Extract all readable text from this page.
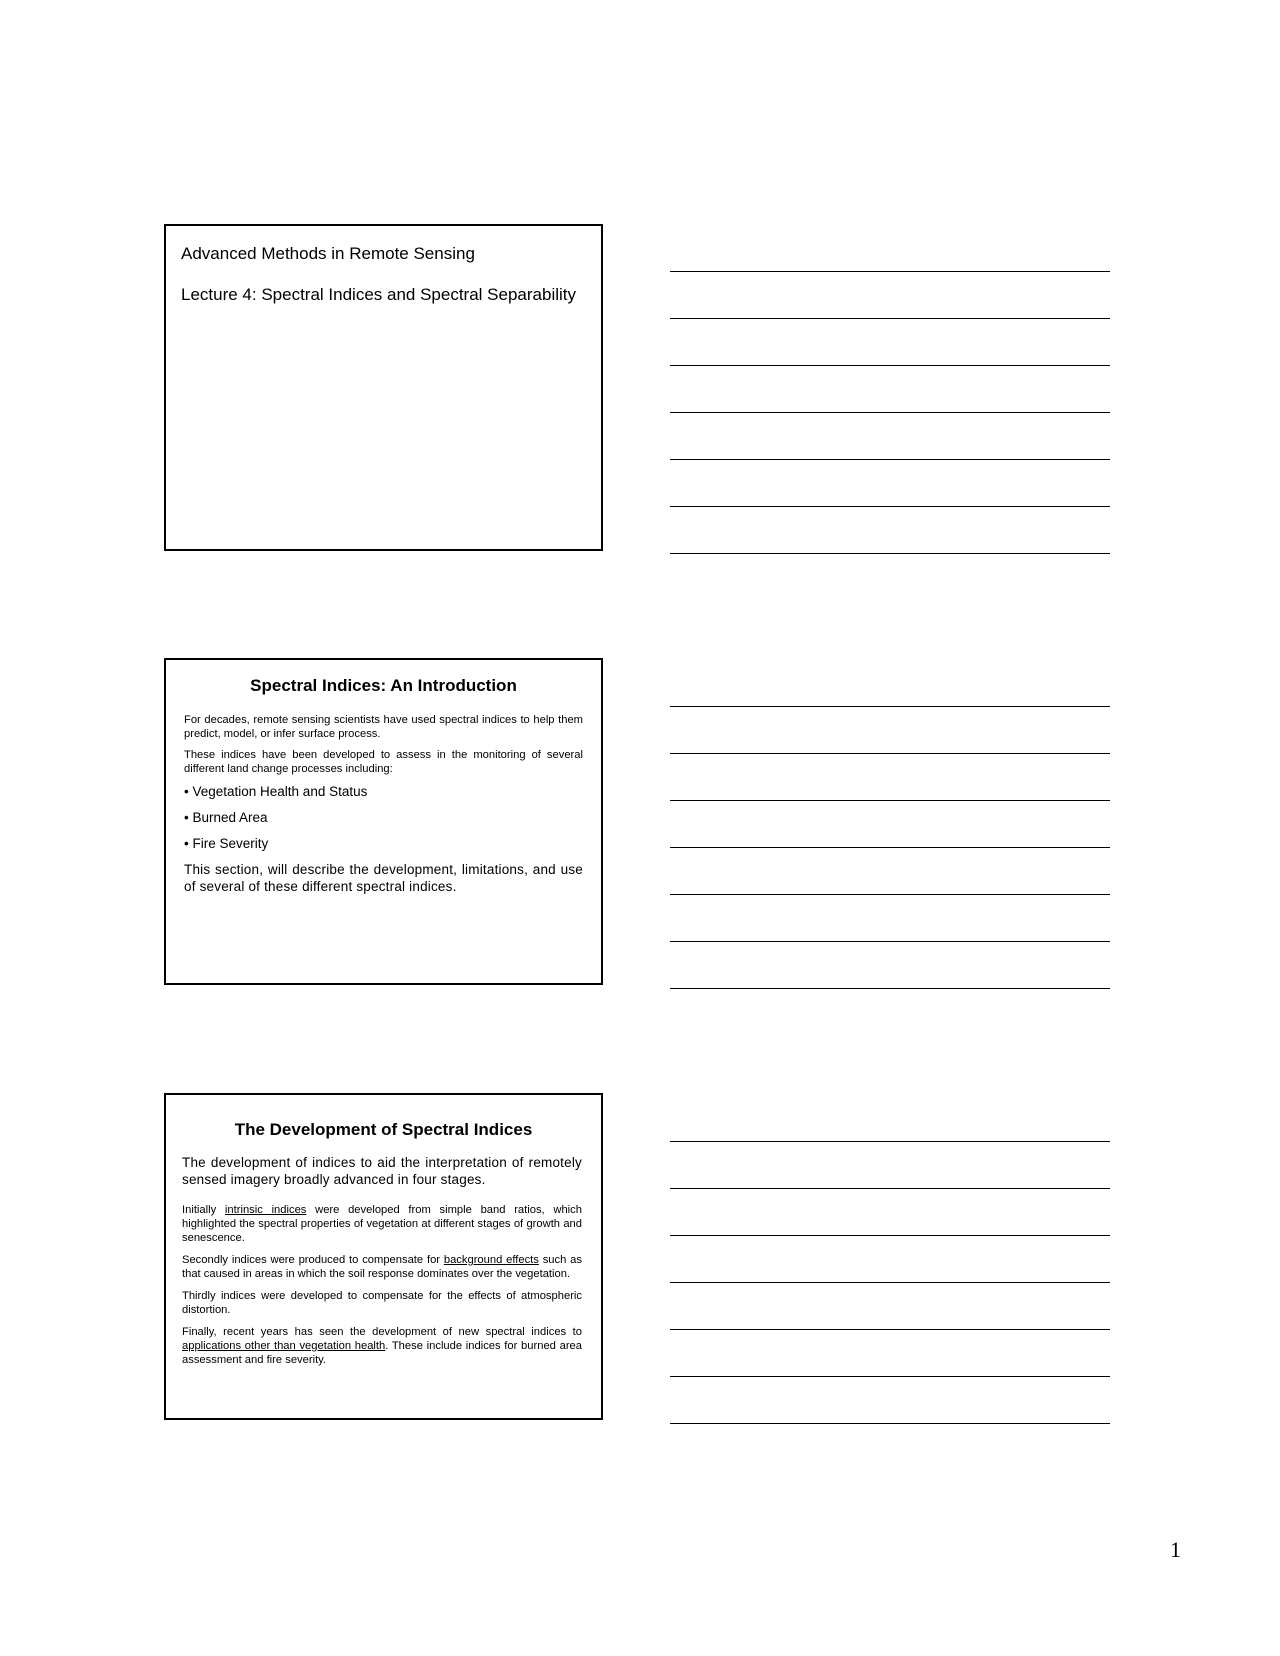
Advanced Methods in Remote Sensing
Lecture 4: Spectral Indices and Spectral Separability
Spectral Indices: An Introduction

For decades, remote sensing scientists have used spectral indices to help them predict, model, or infer surface process.

These indices have been developed to assess in the monitoring of several different land change processes including:

• Vegetation Health and Status

• Burned Area

• Fire Severity

This section, will describe the development, limitations, and use of several of these different spectral indices.

The Development of Spectral Indices

The development of indices to aid the interpretation of remotely sensed imagery broadly advanced in four stages.

Initially intrinsic indices were developed from simple band ratios, which highlighted the spectral properties of vegetation at different stages of growth and senescence.

Secondly indices were produced to compensate for background effects such as that caused in areas in which the soil response dominates over the vegetation.

Thirdly indices were developed to compensate for the effects of atmospheric distortion.

Finally, recent years has seen the development of new spectral indices to applications other than vegetation health. These include indices for burned area assessment and fire severity.

1
